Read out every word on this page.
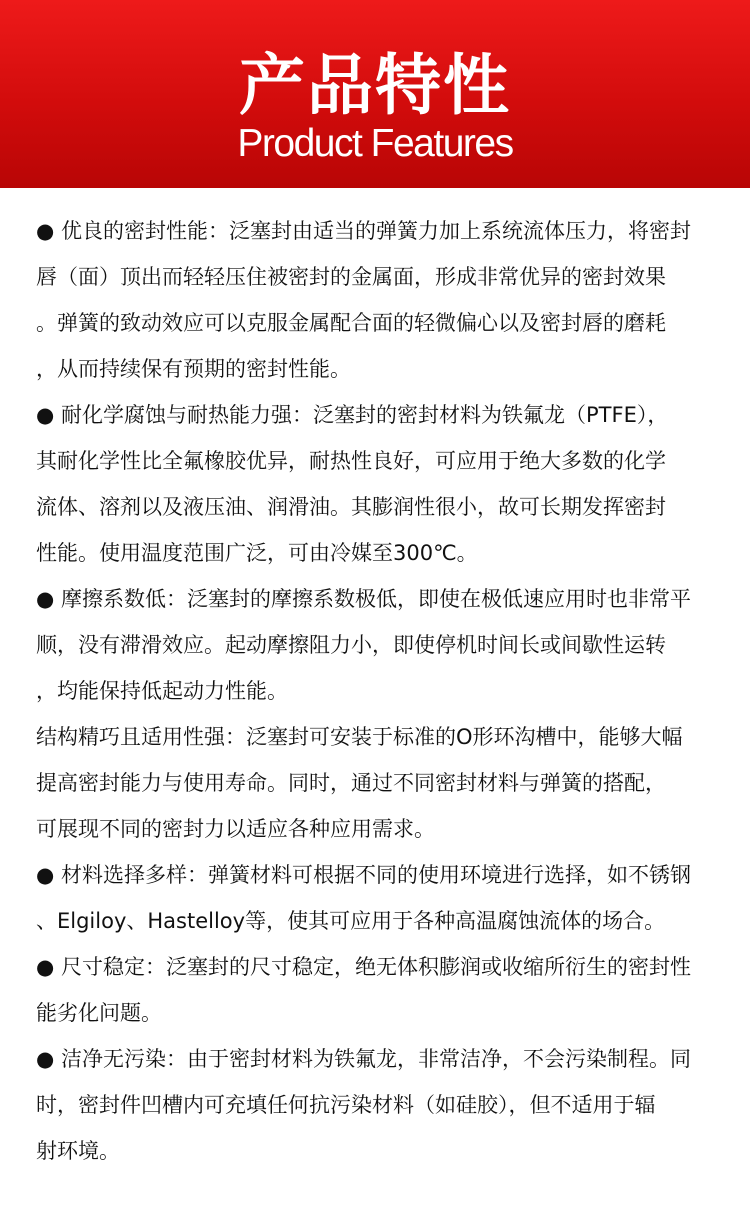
产品特性
Product Features
● 优良的密封性能：泛塞封由适当的弹簧力加上系统流体压力，将密封
唇（面）顶出而轻轻压住被密封的金属面，形成非常优异的密封效果
。弹簧的致动效应可以克服金属配合面的轻微偏心以及密封唇的磨耗
，从而持续保有预期的密封性能。
● 耐化学腐蚀与耐热能力强：泛塞封的密封材料为铁氟龙（PTFE），
其耐化学性比全氟橡胶优异，耐热性良好，可应用于绝大多数的化学
流体、溶剂以及液压油、润滑油。其膨润性很小，故可长期发挥密封
性能。使用温度范围广泛，可由冷媒至300℃。
● 摩擦系数低：泛塞封的摩擦系数极低，即使在极低速应用时也非常平
顺，没有滞滑效应。起动摩擦阻力小，即使停机时间长或间歇性运转
，均能保持低起动力性能。
结构精巧且适用性强：泛塞封可安装于标准的O形环沟槽中，能够大幅
提高密封能力与使用寿命。同时，通过不同密封材料与弹簧的搭配，
可展现不同的密封力以适应各种应用需求。
● 材料选择多样：弹簧材料可根据不同的使用环境进行选择，如不锈钢
、Elgiloy、Hastelloy等，使其可应用于各种高温腐蚀流体的场合。
● 尺寸稳定：泛塞封的尺寸稳定，绝无体积膨润或收缩所衍生的密封性
能劣化问题。
● 洁净无污染：由于密封材料为铁氟龙，非常洁净，不会污染制程。同
时，密封件凹槽内可充填任何抗污染材料（如硅胶），但不适用于辐
射环境。
